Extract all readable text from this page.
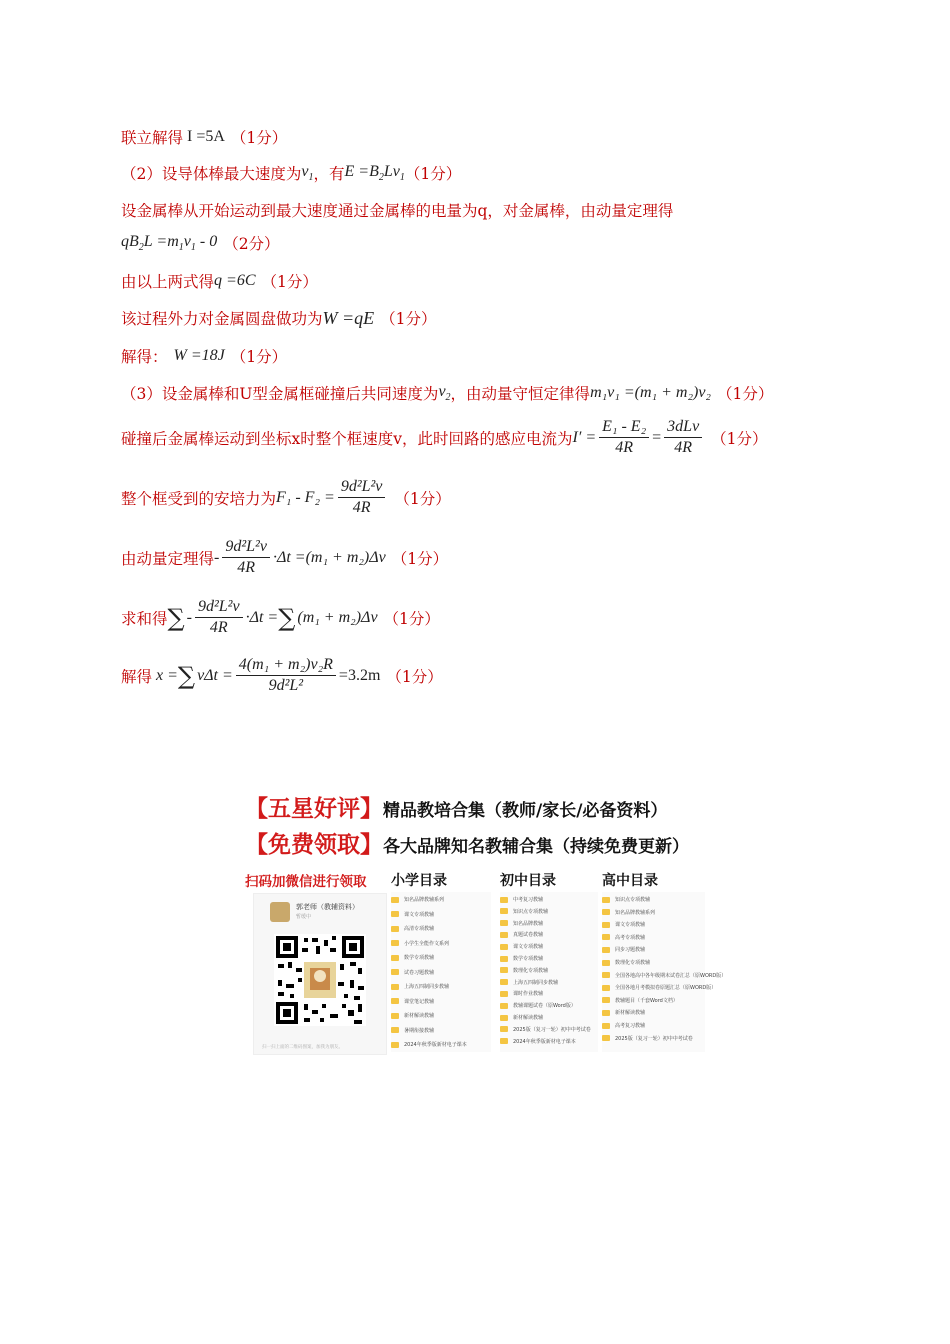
联立解得 I =5A （1分）
（2）设导体棒最大速度为 $v_1$ ，有 $E =B_2Lv_1$ （1分）
设金属棒从开始运动到最大速度通过金属棒的电量为q，对金属棒，由动量定理得
$qB_2L =m_1v_1 - 0$ （2分）
由以上两式得 q =6C （1分）
该过程外力对金属圆盘做功为 W =qE （1分）
解得： W =18J （1分）
（3）设金属棒和U型金属框碰撞后共同速度为 $v_2$ ，由动量守恒定律得 m₁v₁ =(m₁ + m₂)v₂ （1分）
碰撞后金属棒运动到坐标x时整个框速度v，此时回路的感应电流为 $I' = \frac{\text{E₁ - E₂}}{4R} = \frac{\text{3dLv}}{4R} (1$分）
整个框受到的安培力为 $F_1 - F_2 = \frac{\text{9d²L²v}}{4R} (1$分）
由动量定理得 - $\frac{\text{9d²L²v}}{4R} \cdot\Delta t =(m_1 + m_2)\Delta v$ （1分）
求和得 ∑ - $\frac{\text{9d²L²v}}{4R} \cdot\Delta t$ = ∑ (m₁ + m₂)Δv （1分）
解得 x = ∑ $v\Delta t = \frac{\text{4(m₁ + m₂)v₂R}}{\text{9d²L²}} =3.2m$ （1分）
【五星好评】精品教培合集（教师/家长/必备资料）
【免费领取】各大品牌知名教辅合集（持续免费更新）
扫码加微信进行领取 小学目录	初中目录	高中目录
郭老师（教辅资料）
暂缓中
扫一扫上面的二维码图案，加我为朋友。
知名品牌教辅系列
课文专项教辅
高清专项教辅
小学生全能作文系列
数学专项教辅
试卷习题教辅
上海五四制同步教辅
课堂笔记教辅
新材解读教辅
暑期衔接教辅
2024年秋季版新材电子课本
中考复习教辅
知识点专项教辅
知名品牌教辅
真题试卷教辅
课文专项教辅
数学专项教辅
数理化专项教辅
上海五四制同步教辅
课时作业教辅
教辅课题试卷（原Word版）
新材解读教辅
2025版（复习一轮）初中中考试卷
2024年秋季版新材电子课本
知识点专项教辅
知名品牌教辅系列
课文专项教辅
高考专项教辅
同步习题教辅
数理化专项教辅
全国各地高中各年级期末试卷汇总（原WORD版）
全国各地月考模拟卷原题汇总（原WORD版）
教辅题目（千套Word文档）
新材解读教辅
高考复习教辅
2025版（复习一轮）初中中考试卷
